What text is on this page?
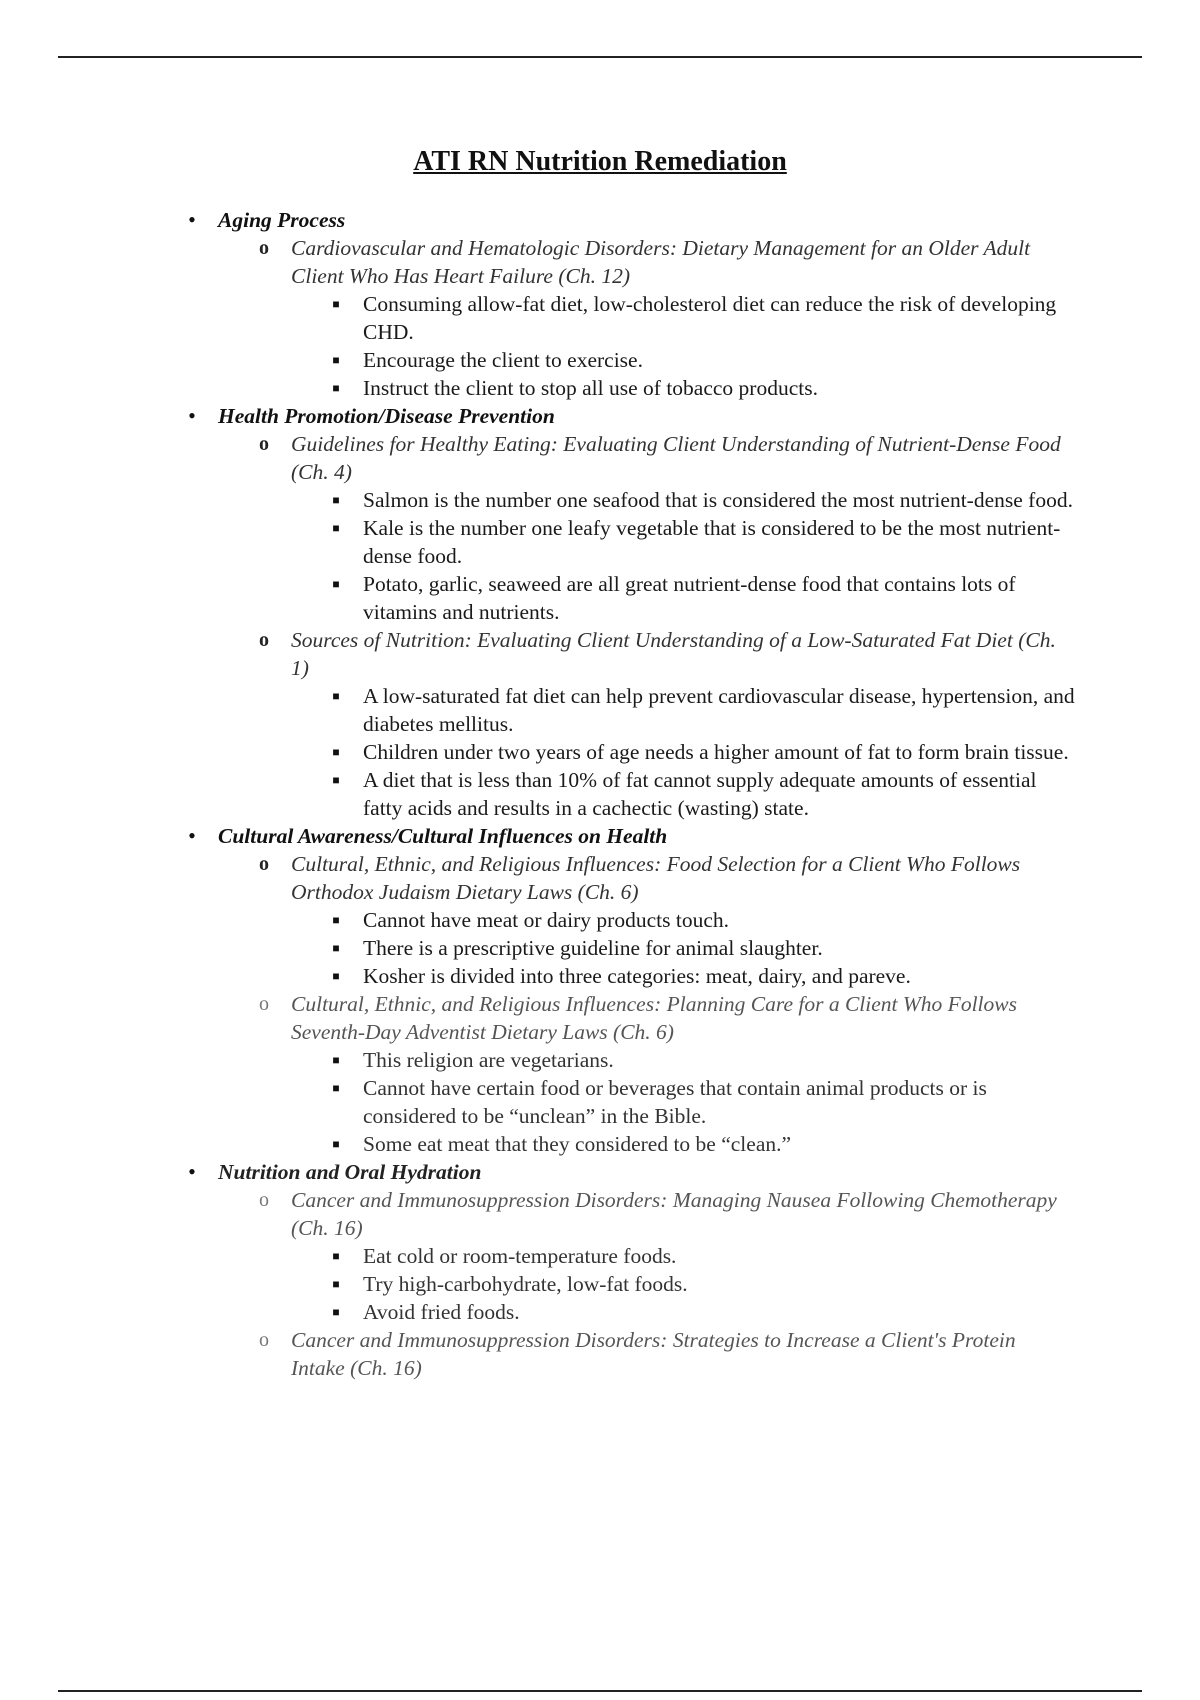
ATI RN Nutrition Remediation
• Aging Process
o Cardiovascular and Hematologic Disorders: Dietary Management for an Older Adult Client Who Has Heart Failure (Ch. 12)
■ Consuming allow-fat diet, low-cholesterol diet can reduce the risk of developing CHD.
■ Encourage the client to exercise.
■ Instruct the client to stop all use of tobacco products.
• Health Promotion/Disease Prevention
o Guidelines for Healthy Eating: Evaluating Client Understanding of Nutrient-Dense Food (Ch. 4)
■ Salmon is the number one seafood that is considered the most nutrient-dense food.
■ Kale is the number one leafy vegetable that is considered to be the most nutrient-dense food.
■ Potato, garlic, seaweed are all great nutrient-dense food that contains lots of vitamins and nutrients.
o Sources of Nutrition: Evaluating Client Understanding of a Low-Saturated Fat Diet (Ch. 1)
■ A low-saturated fat diet can help prevent cardiovascular disease, hypertension, and diabetes mellitus.
■ Children under two years of age needs a higher amount of fat to form brain tissue.
■ A diet that is less than 10% of fat cannot supply adequate amounts of essential fatty acids and results in a cachectic (wasting) state.
• Cultural Awareness/Cultural Influences on Health
o Cultural, Ethnic, and Religious Influences: Food Selection for a Client Who Follows Orthodox Judaism Dietary Laws (Ch. 6)
■ Cannot have meat or dairy products touch.
■ There is a prescriptive guideline for animal slaughter.
■ Kosher is divided into three categories: meat, dairy, and pareve.
o Cultural, Ethnic, and Religious Influences: Planning Care for a Client Who Follows Seventh-Day Adventist Dietary Laws (Ch. 6)
■ This religion are vegetarians.
■ Cannot have certain food or beverages that contain animal products or is considered to be “unclean” in the Bible.
■ Some eat meat that they considered to be “clean.”
• Nutrition and Oral Hydration
o Cancer and Immunosuppression Disorders: Managing Nausea Following Chemotherapy (Ch. 16)
■ Eat cold or room-temperature foods.
■ Try high-carbohydrate, low-fat foods.
■ Avoid fried foods.
o Cancer and Immunosuppression Disorders: Strategies to Increase a Client's Protein Intake (Ch. 16)
